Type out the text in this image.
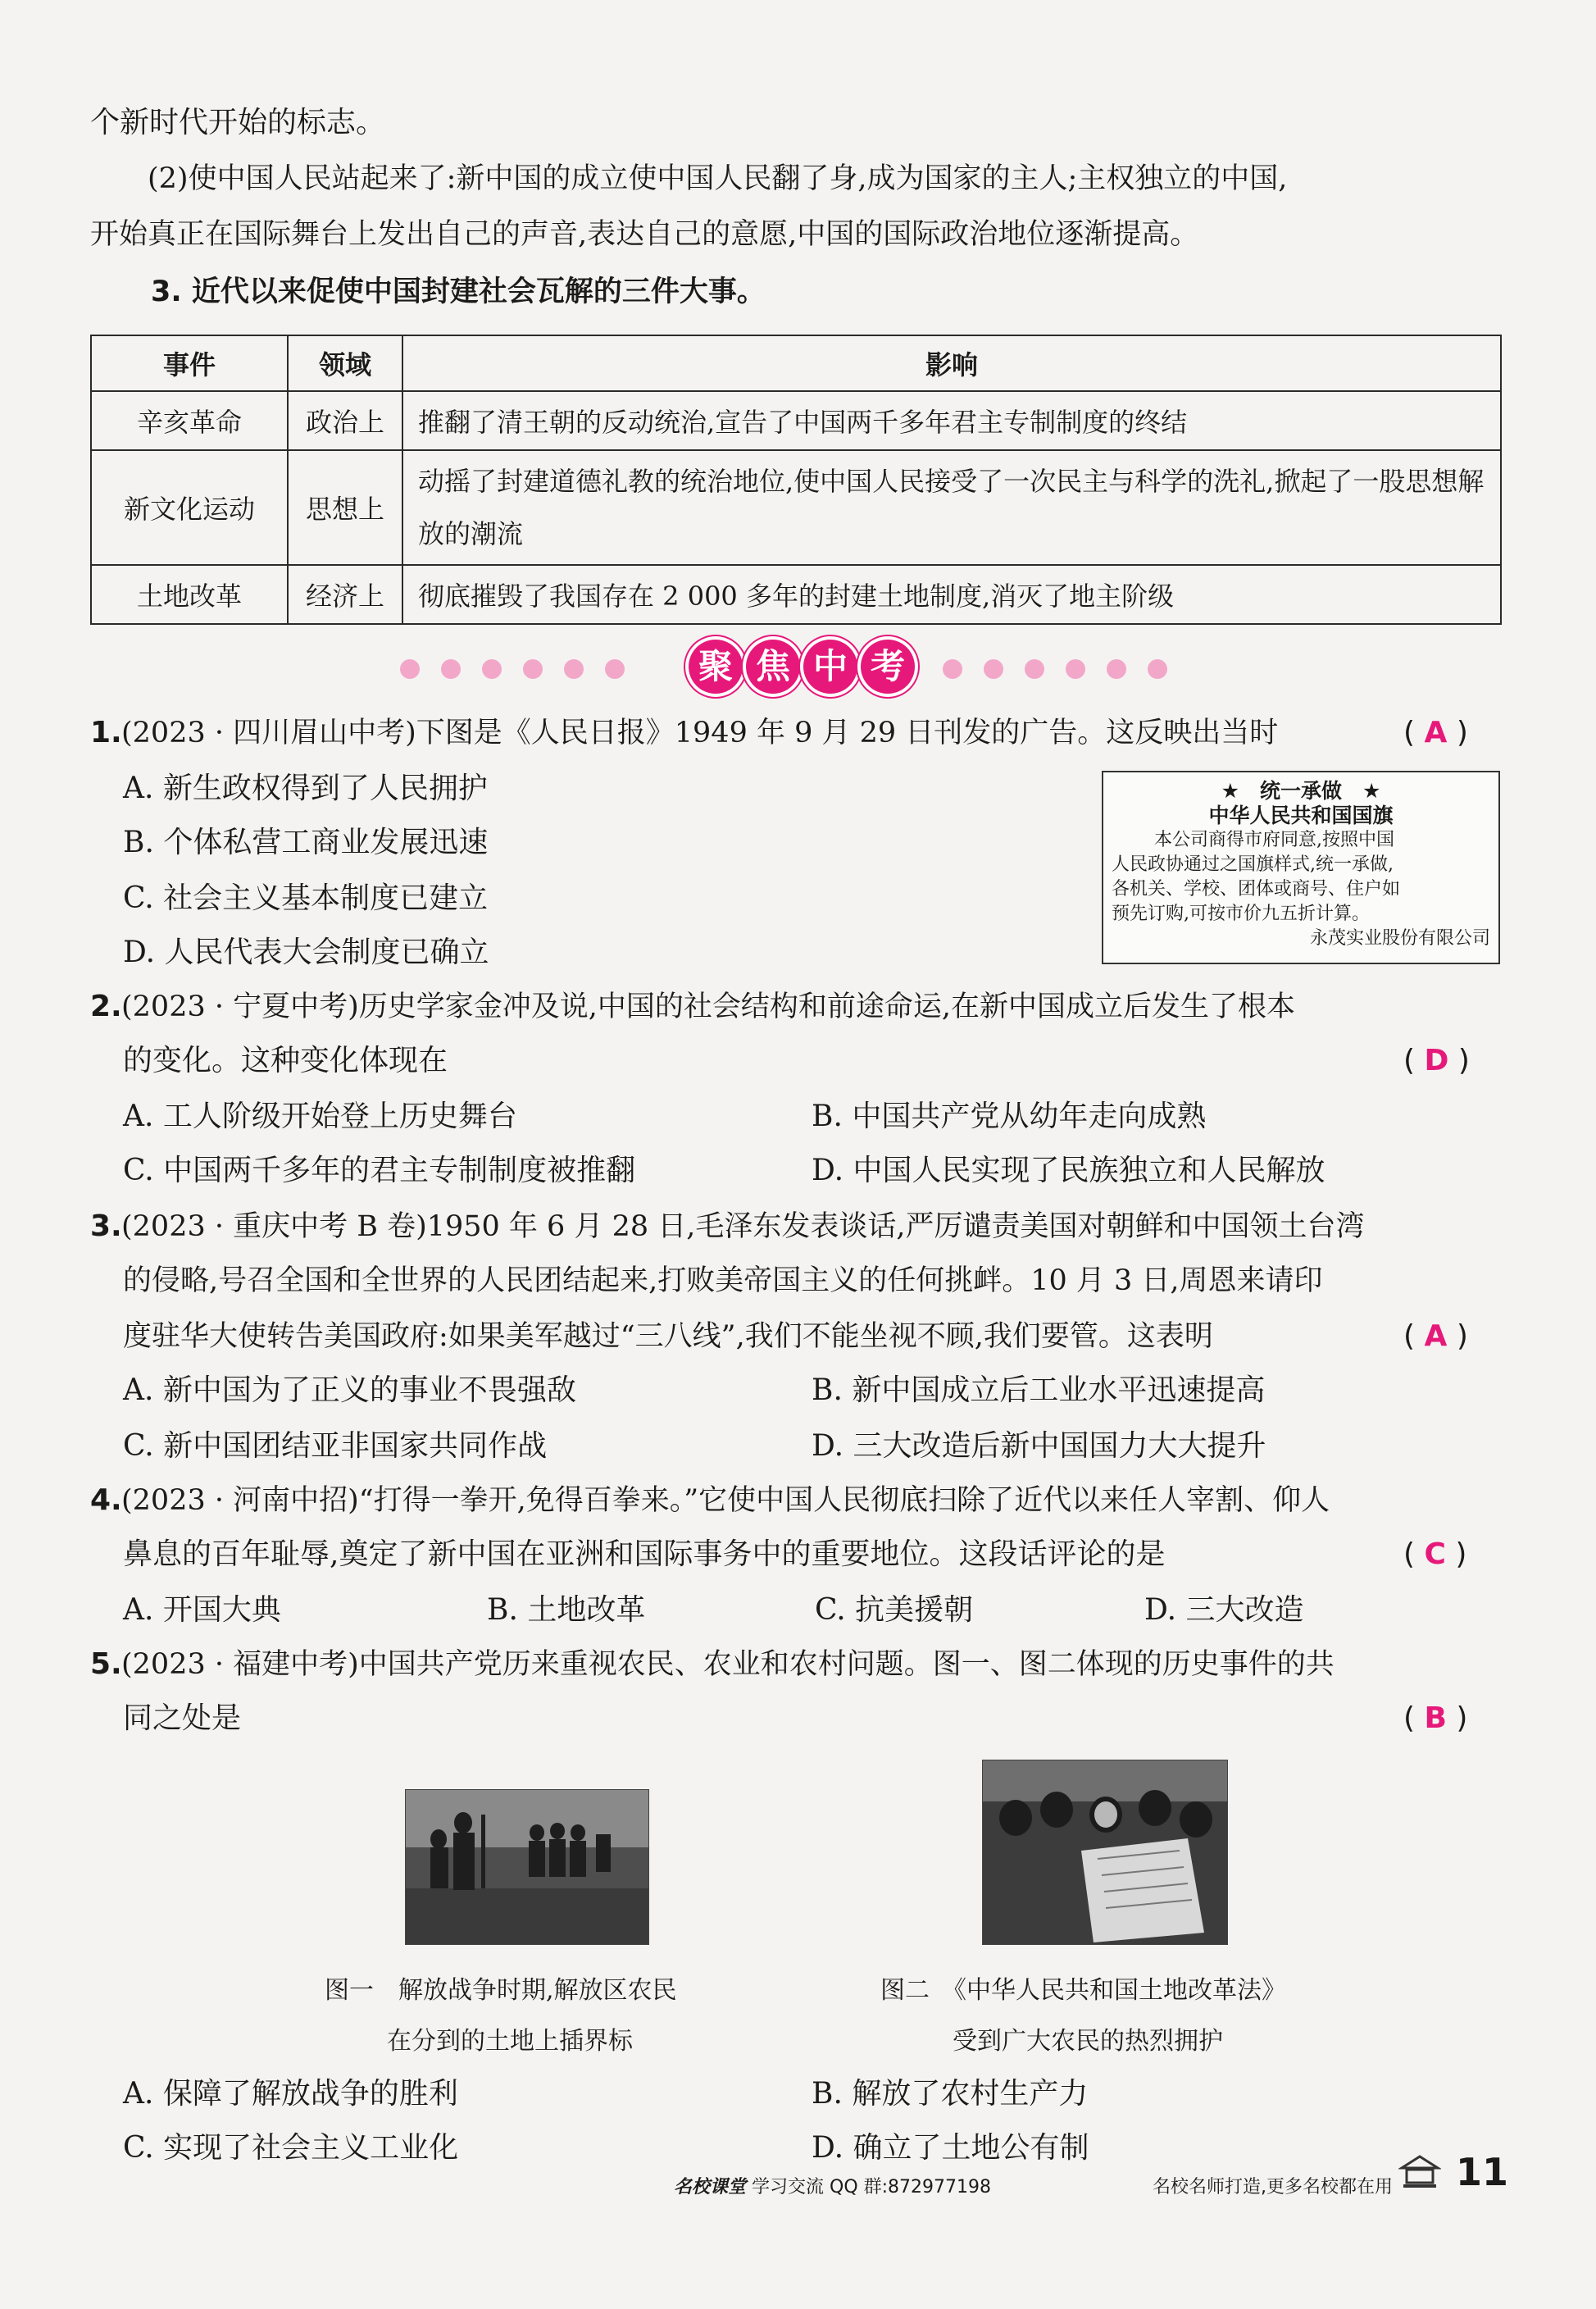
个新时代开始的标志。
(2)使中国人民站起来了:新中国的成立使中国人民翻了身,成为国家的主人;主权独立的中国,
开始真正在国际舞台上发出自己的声音,表达自己的意愿,中国的国际政治地位逐渐提高。
3. 近代以来促使中国封建社会瓦解的三件大事。
事件	领域	影响
辛亥革命	政治上	推翻了清王朝的反动统治,宣告了中国两千多年君主专制制度的终结
新文化运动	思想上	动摇了封建道德礼教的统治地位,使中国人民接受了一次民主与科学的洗礼,掀起了一股思想解放的潮流
土地改革	经济上	彻底摧毁了我国存在 2 000 多年的封建土地制度,消灭了地主阶级
聚 焦 中 考
1. (2023 · 四川眉山中考)下图是《人民日报》1949 年 9 月 29 日刊发的广告。这反映出当时	( A )
A. 新生政权得到了人民拥护
B. 个体私营工商业发展迅速
C. 社会主义基本制度已建立
D. 人民代表大会制度已确立
★　统一承做　★
中华人民共和国国旗
本公司商得市府同意,按照中国
人民政协通过之国旗样式,统一承做,
各机关、学校、团体或商号、住户如
预先订购,可按市价九五折计算。
永茂实业股份有限公司
2. (2023 · 宁夏中考)历史学家金冲及说,中国的社会结构和前途命运,在新中国成立后发生了根本
的变化。这种变化体现在	( D )
A. 工人阶级开始登上历史舞台	B. 中国共产党从幼年走向成熟
C. 中国两千多年的君主专制制度被推翻	D. 中国人民实现了民族独立和人民解放
3. (2023 · 重庆中考 B 卷)1950 年 6 月 28 日,毛泽东发表谈话,严厉谴责美国对朝鲜和中国领土台湾
的侵略,号召全国和全世界的人民团结起来,打败美帝国主义的任何挑衅。10 月 3 日,周恩来请印
度驻华大使转告美国政府:如果美军越过“三八线”,我们不能坐视不顾,我们要管。这表明	( A )
A. 新中国为了正义的事业不畏强敌	B. 新中国成立后工业水平迅速提高
C. 新中国团结亚非国家共同作战	D. 三大改造后新中国国力大大提升
4. (2023 · 河南中招)“打得一拳开,免得百拳来。”它使中国人民彻底扫除了近代以来任人宰割、仰人
鼻息的百年耻辱,奠定了新中国在亚洲和国际事务中的重要地位。这段话评论的是	( C )
A. 开国大典	B. 土地改革	C. 抗美援朝	D. 三大改造
5. (2023 · 福建中考)中国共产党历来重视农民、农业和农村问题。图一、图二体现的历史事件的共
同之处是	( B )
图一　解放战争时期,解放区农民
在分到的土地上插界标
图二　《中华人民共和国土地改革法》
受到广大农民的热烈拥护
A. 保障了解放战争的胜利	B. 解放了农村生产力
C. 实现了社会主义工业化	D. 确立了土地公有制
名校课堂 学习交流 QQ 群:872977198	名校名师打造,更多名校都在用 11
